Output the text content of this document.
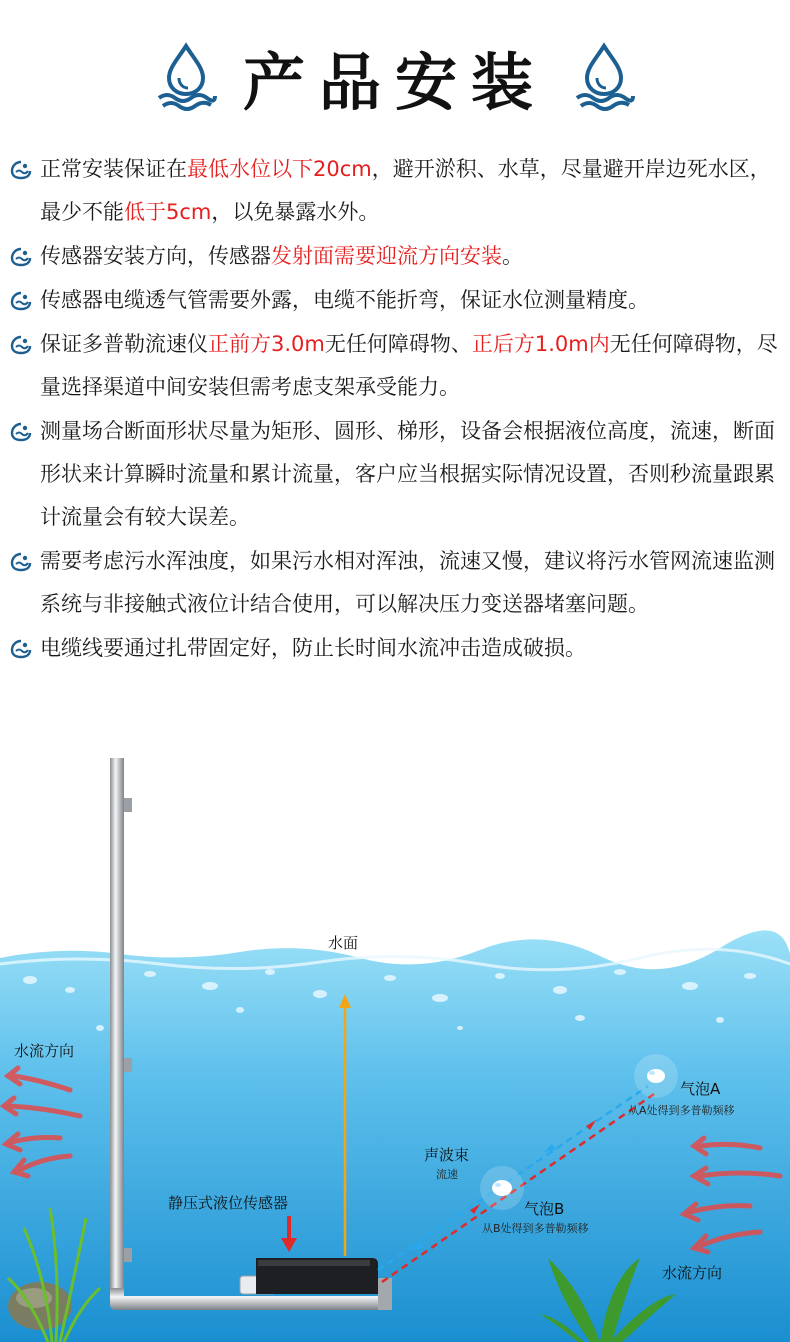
产品安装
正常安装保证在最低水位以下20cm，避开淤积、水草，尽量避开岸边死水区，最少不能低于5cm，以免暴露水外。
传感器安装方向，传感器发射面需要迎流方向安装。
传感器电缆透气管需要外露，电缆不能折弯，保证水位测量精度。
保证多普勒流速仪正前方3.0m无任何障碍物、正后方1.0m内无任何障碍物，尽量选择渠道中间安装但需考虑支架承受能力。
测量场合断面形状尽量为矩形、圆形、梯形，设备会根据液位高度，流速，断面形状来计算瞬时流量和累计流量，客户应当根据实际情况设置，否则秒流量跟累计流量会有较大误差。
需要考虑污水浑浊度，如果污水相对浑浊，流速又慢，建议将污水管网流速监测系统与非接触式液位计结合使用，可以解决压力变送器堵塞问题。
电缆线要通过扎带固定好，防止长时间水流冲击造成破损。
水面
水流方向
水流方向
静压式液位传感器
声波束
流速
气泡A
从A处得到多普勒频移
气泡B
从B处得到多普勒频移
